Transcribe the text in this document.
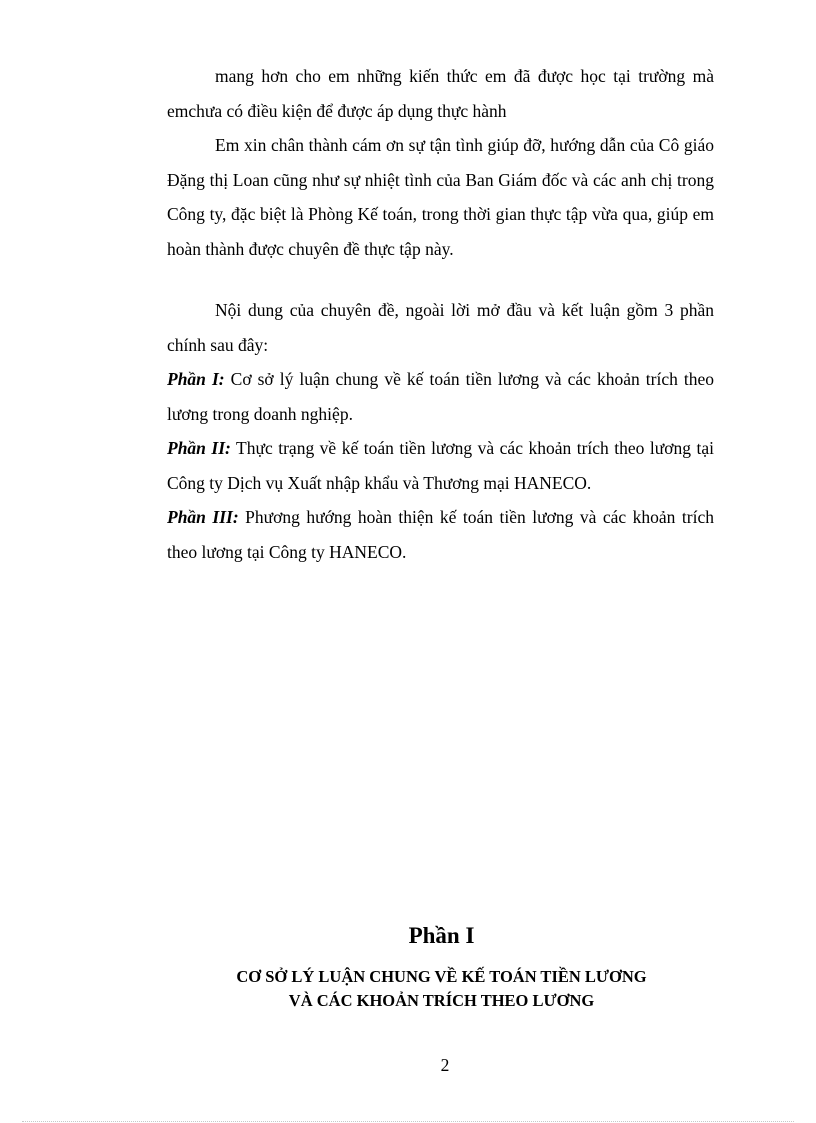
mang hơn cho em những kiến thức em đã được học tại trường mà emchưa có điều kiện để được áp dụng thực hành

Em xin chân thành cám ơn sự tận tình giúp đỡ, hướng dẫn của Cô giáo Đặng thị Loan cũng như sự nhiệt tình của Ban Giám đốc và các anh chị trong Công ty, đặc biệt là Phòng Kế toán, trong thời gian thực tập vừa qua, giúp em hoàn thành được chuyên đề thực tập này.

Nội dung của chuyên đề, ngoài lời mở đầu và kết luận gồm 3 phần chính sau đây:

Phần I: Cơ sở lý luận chung về kế toán tiền lương và các khoản trích theo lương trong doanh nghiệp.

Phần II: Thực trạng về kế toán tiền lương và các khoản trích theo lương tại Công ty Dịch vụ Xuất nhập khẩu và Thương mại HANECO.

Phần III: Phương hướng hoàn thiện kế toán tiền lương và các khoản trích theo lương tại Công ty HANECO.

Phần I
CƠ SỞ LÝ LUẬN CHUNG VỀ KẾ TOÁN TIỀN LƯƠNG
VÀ CÁC KHOẢN TRÍCH THEO LƯƠNG
2
